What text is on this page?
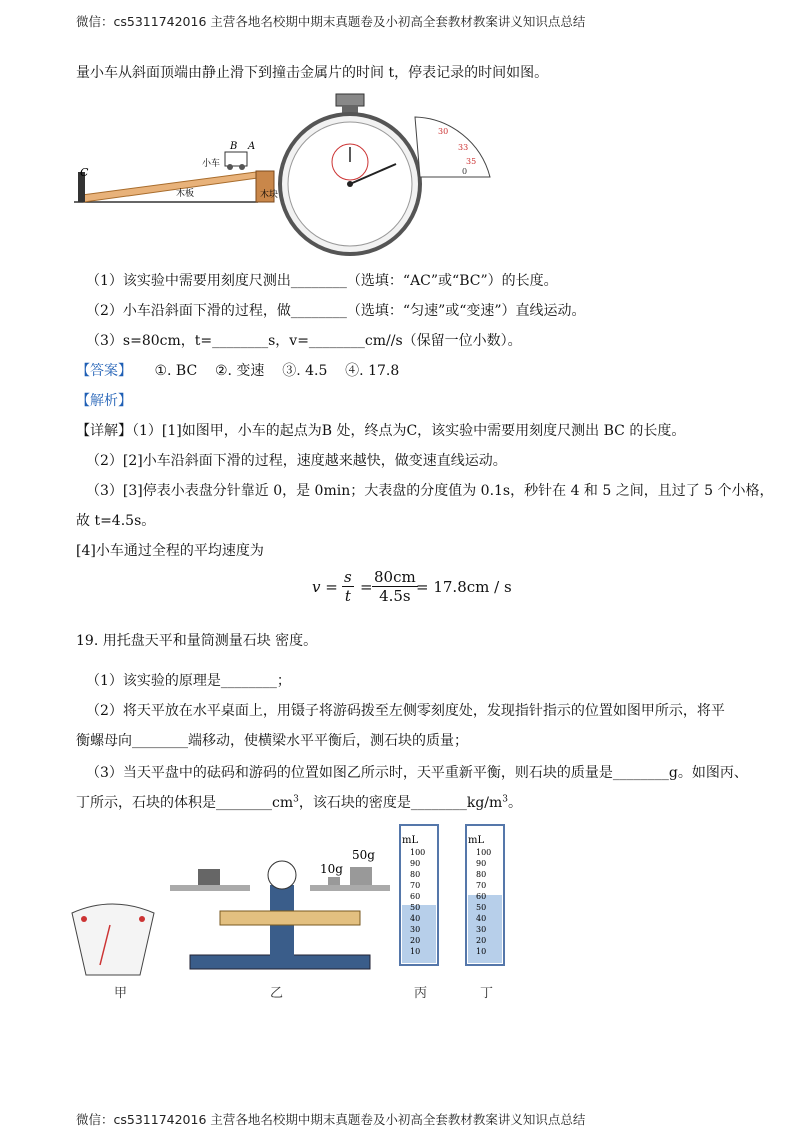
微信：cs5311742016 主营各地名校期中期末真题卷及小初高全套教材教案讲义知识点总结
量小车从斜面顶端由静止滑下到撞击金属片的时间 t，停表记录的时间如图。
C
B A
小车
木板	木块
30
33
35
0
（1）该实验中需要用刻度尺测出________（选填：“AC”或“BC”）的长度。
（2）小车沿斜面下滑的过程，做________（选填：“匀速”或“变速”）直线运动。
（3）s=80cm，t=________s，v=________cm//s（保留一位小数）。
【答案】 ①. BC    ②. 变速    ③. 4.5    ④. 17.8
【解析】
【详解】（1）[1]如图甲，小车的起点为B 处，终点为C，该实验中需要用刻度尺测出 BC 的长度。
（2）[2]小车沿斜面下滑的过程，速度越来越快，做变速直线运动。
（3）[3]停表小表盘分针靠近 0，是 0min；大表盘的分度值为 0.1s，秒针在 4 和 5 之间，且过了 5 个小格，
故 t=4.5s。
[4]小车通过全程的平均速度为
$v = \frac{s}{t} = \frac{80cm}{4.5s}$
= 17.8cm / s
19. 用托盘天平和量筒测量石块 密度。
（1）该实验的原理是________；
（2）将天平放在水平桌面上，用镊子将游码拨至左侧零刻度处，发现指针指示的位置如图甲所示，将平
衡螺母向________端移动，使横梁水平平衡后，测石块的质量；
（3）当天平盘中的砝码和游码的位置如图乙所示时，天平重新平衡，则石块的质量是________g。如图丙、
丁所示，石块的体积是$\_\_\_\_\_\_\_\_cm^3$，该石块的密度是$\_\_\_\_\_\_\_\_kg/m^3$。
50g
10g
mL
100
90
80
70
60
50
40
30
20
10
mL
100
90
80
70
60
50
40
30
20
10
甲	乙	丙	丁
微信：cs5311742016 主营各地名校期中期末真题卷及小初高全套教材教案讲义知识点总结
